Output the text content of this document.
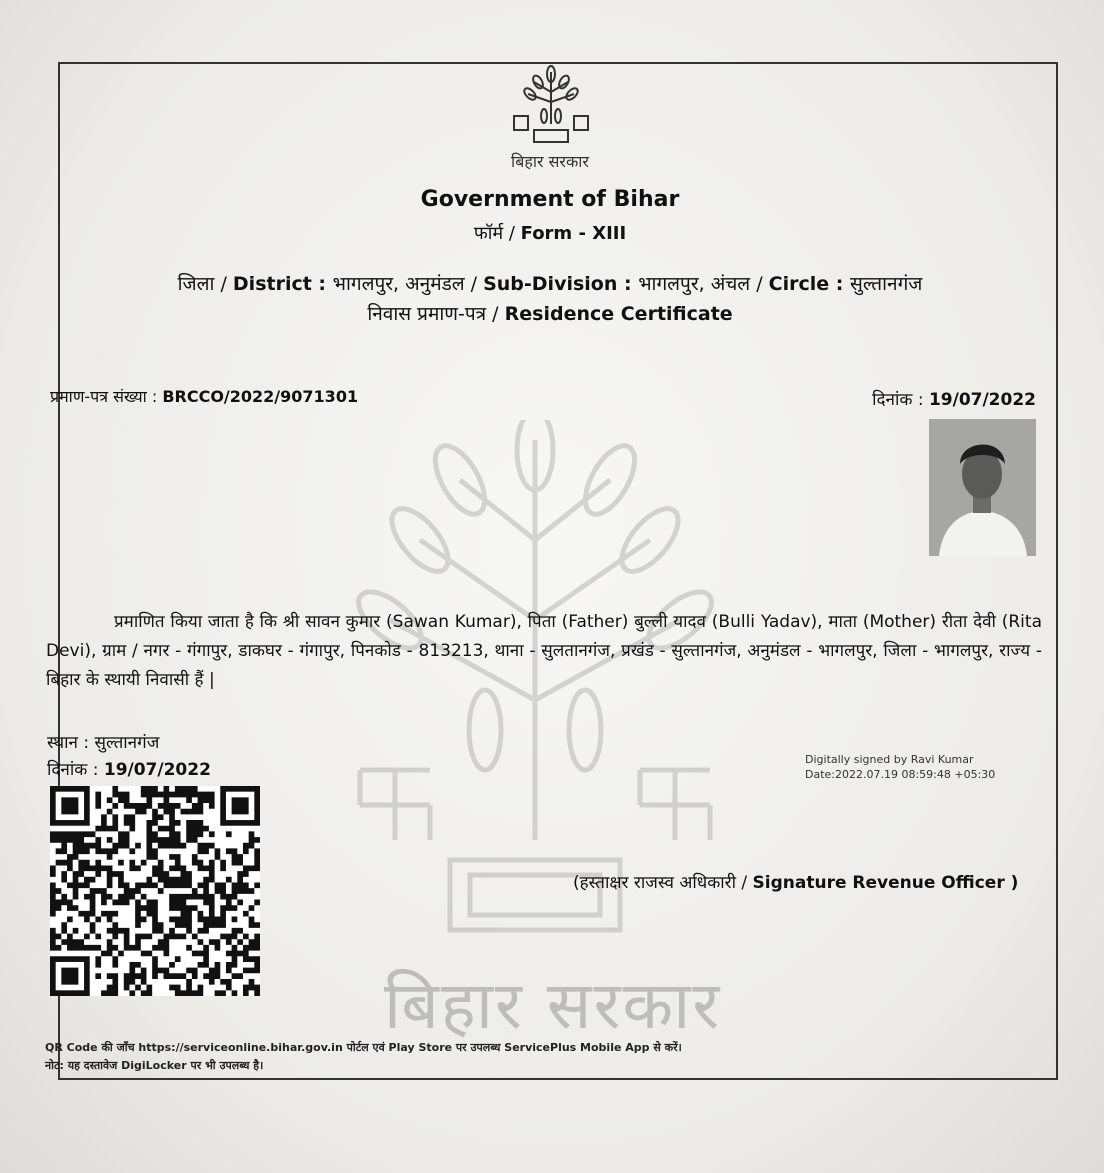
बिहार सरकार
बिहार सरकार
Government of Bihar
फॉर्म / Form - XIII
जिला / District : भागलपुर, अनुमंडल / Sub-Division : भागलपुर, अंचल / Circle : सुल्तानगंज
निवास प्रमाण-पत्र / Residence Certificate
प्रमाण-पत्र संख्या : BRCCO/2022/9071301	दिनांक : 19/07/2022
प्रमाणित किया जाता है कि श्री सावन कुमार (Sawan Kumar), पिता (Father) बुल्ली यादव (Bulli Yadav), माता (Mother) रीता देवी (Rita Devi), ग्राम / नगर - गंगापुर, डाकघर - गंगापुर, पिनकोड - 813213, थाना - सुलतानगंज, प्रखंड - सुल्तानगंज, अनुमंडल - भागलपुर, जिला - भागलपुर, राज्य - बिहार के स्थायी निवासी हैं |
स्थान : सुल्तानगंज
दिनांक : 19/07/2022
Digitally signed by Ravi Kumar
Date:2022.07.19 08:59:48 +05:30
(हस्ताक्षर राजस्व अधिकारी / Signature Revenue Officer )
QR Code की जाँच https://serviceonline.bihar.gov.in पोर्टल एवं Play Store पर उपलब्ध ServicePlus Mobile App से करें।
नोट: यह दस्तावेज DigiLocker पर भी उपलब्ध है।
